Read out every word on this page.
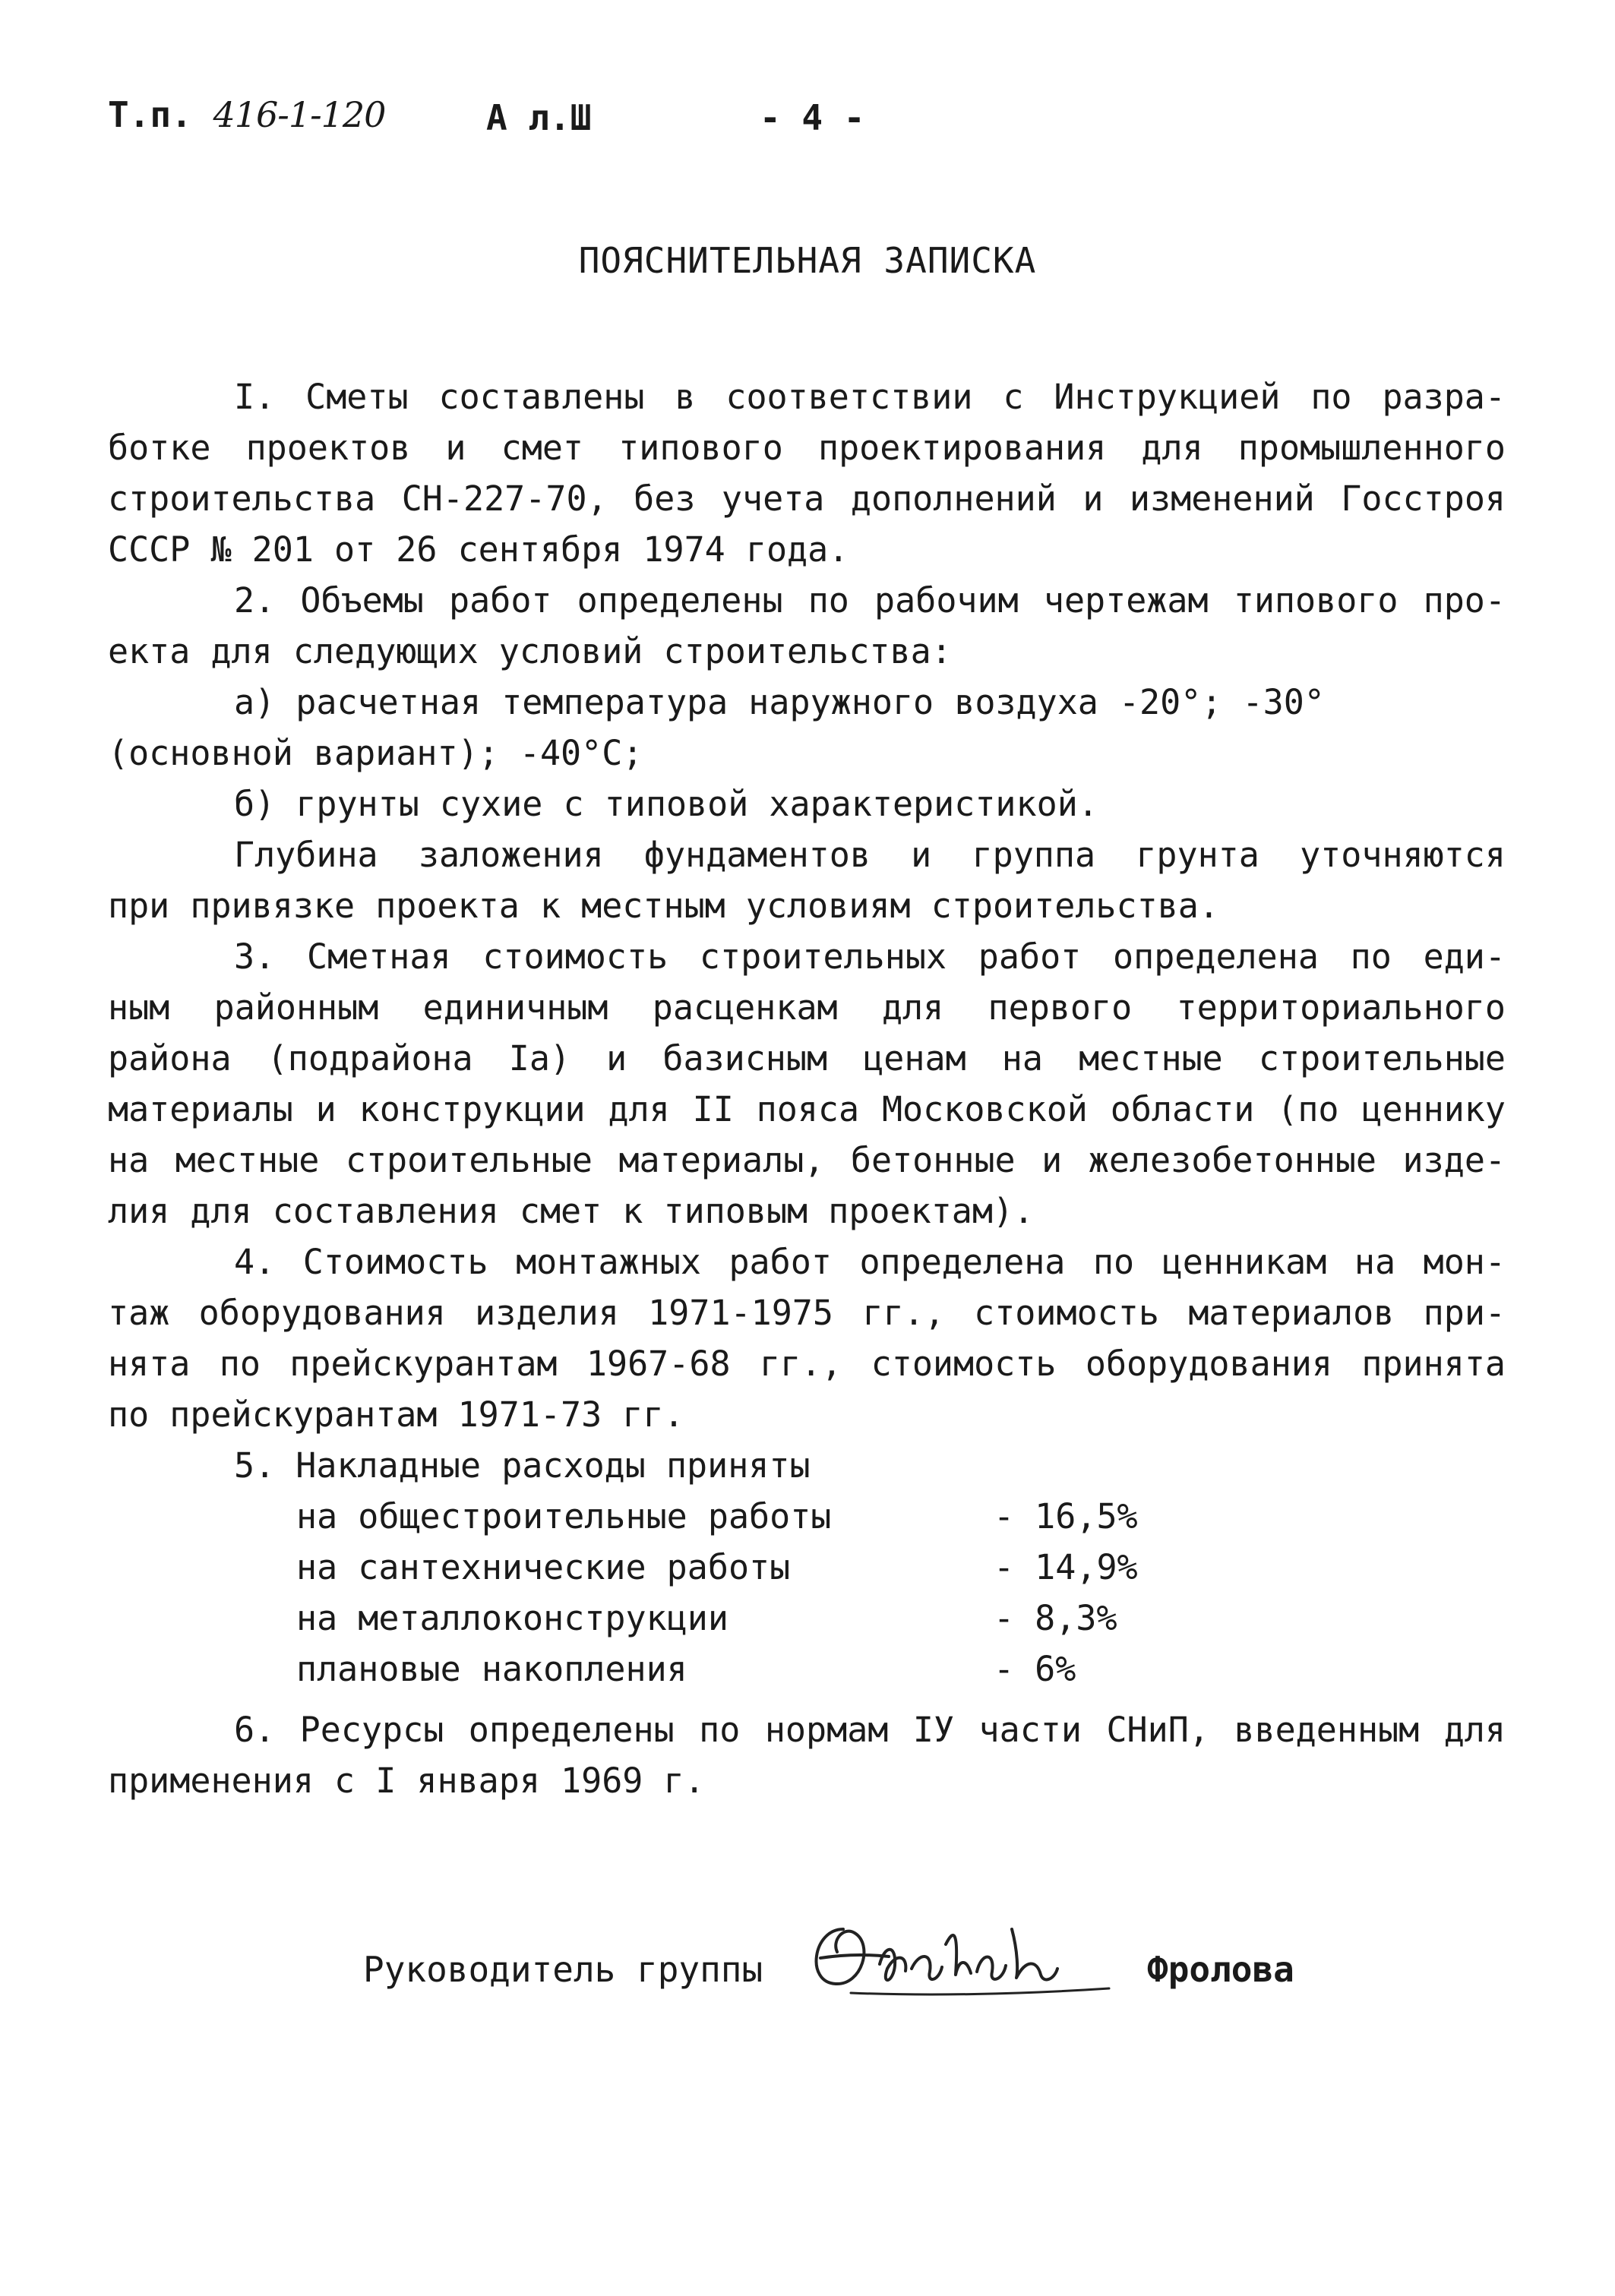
Т.п. 416-1-120	А л.Ш	- 4 -
ПОЯСНИТЕЛЬНАЯ ЗАПИСКА
I. Сметы составлены в соответствии с Инструкцией по разра-
ботке проектов и смет типового проектирования для промышленного
строительства СН-227-70, без учета дополнений и изменений Госстроя
СССР № 201 от 26 сентября 1974 года.
2. Объемы работ определены по рабочим чертежам типового про-
екта для следующих условий строительства:
а) расчетная температура наружного воздуха -20°; -30°
(основной вариант); -40°С;
б) грунты сухие с типовой характеристикой.
Глубина заложения фундаментов и группа грунта уточняются
при привязке проекта к местным условиям строительства.
3. Сметная стоимость строительных работ определена по еди-
ным районным единичным расценкам для первого территориального
района (подрайона Ia) и базисным ценам на местные строительные
материалы и конструкции для II пояса Московской области (по ценнику
на местные строительные материалы, бетонные и железобетонные изде-
лия для составления смет к типовым проектам).
4. Стоимость монтажных работ определена по ценникам на мон-
таж оборудования изделия 1971-1975 гг., стоимость материалов при-
нята по прейскурантам 1967-68 гг., стоимость оборудования принята
по прейскурантам 1971-73 гг.
5. Накладные расходы приняты
на общестроительные работы	- 16,5%
на сантехнические работы	- 14,9%
на металлоконструкции	- 8,3%
плановые накопления	- 6%
6. Ресурсы определены по нормам IУ части СНиП, введенным для
применения с I января 1969 г.
Руководитель группы	Фролова
